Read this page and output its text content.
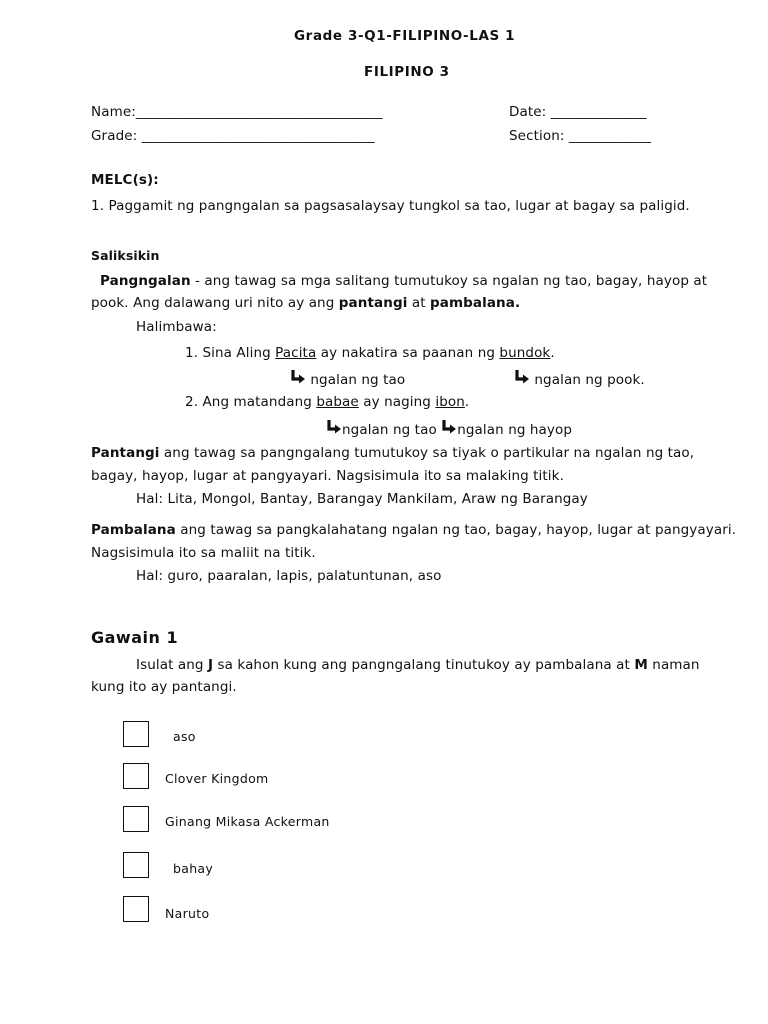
Grade 3-Q1-FILIPINO-LAS 1
FILIPINO 3
Name:____________________________________	Date: ______________
Grade: __________________________________	Section: ____________
MELC(s):
1. Paggamit ng pangngalan sa pagsasalaysay tungkol sa tao, lugar at bagay sa paligid.
Saliksikin
Pangngalan - ang tawag sa mga salitang tumutukoy sa ngalan ng tao, bagay, hayop at
pook. Ang dalawang uri nito ay ang pantangi at pambalana.
Halimbawa:
1. Sina Aling Pacita ay nakatira sa paanan ng bundok.
ngalan ng tao	ngalan ng pook.
2. Ang matandang babae ay naging ibon.
ngalan ng tao ngalan ng hayop
Pantangi ang tawag sa pangngalang tumutukoy sa tiyak o partikular na ngalan ng tao,
bagay, hayop, lugar at pangyayari. Nagsisimula ito sa malaking titik.
Hal: Lita, Mongol, Bantay, Barangay Mankilam, Araw ng Barangay
Pambalana ang tawag sa pangkalahatang ngalan ng tao, bagay, hayop, lugar at pangyayari.
Nagsisimula ito sa maliit na titik.
Hal: guro, paaralan, lapis, palatuntunan, aso
Gawain 1
Isulat ang J sa kahon kung ang pangngalang tinutukoy ay pambalana at M naman
kung ito ay pantangi.
aso
Clover Kingdom
Ginang Mikasa Ackerman
bahay
Naruto
